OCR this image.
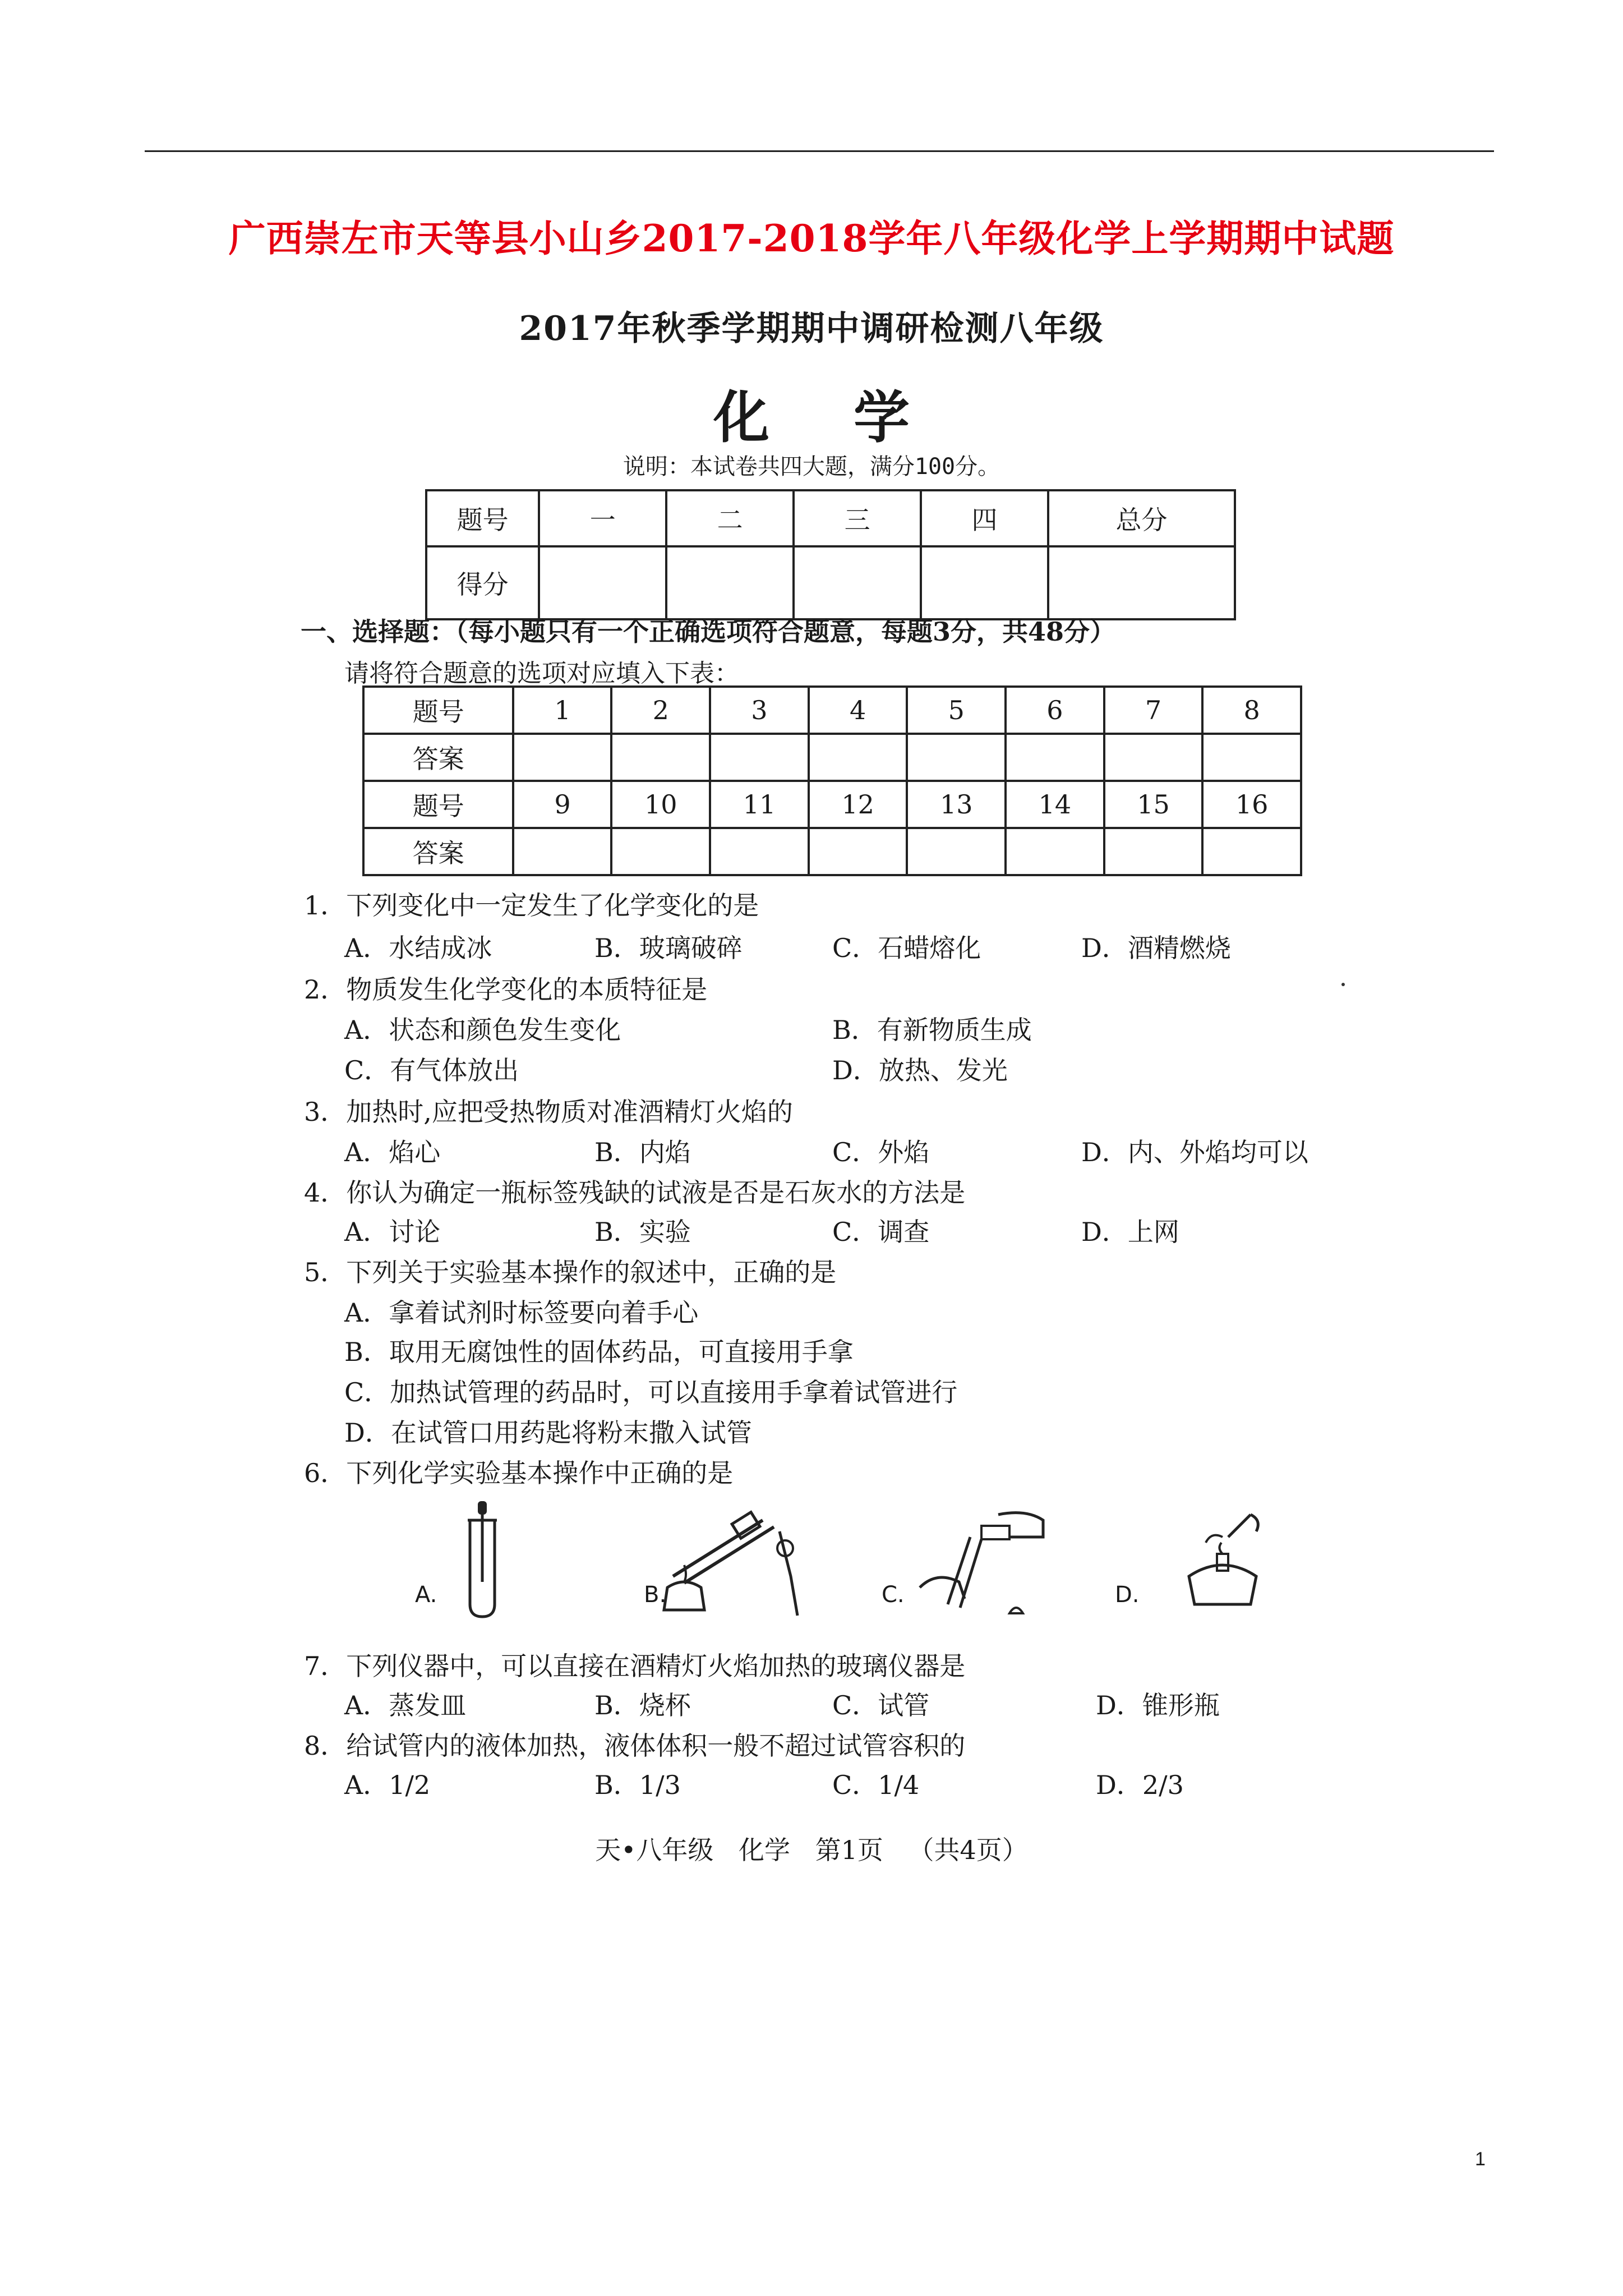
广西崇左市天等县小山乡2017-2018学年八年级化学上学期期中试题
2017年秋季学期期中调研检测八年级
化学
说明：本试卷共四大题，满分100分。
题号	一	二	三	四	总分
得分					
一、选择题：（每小题只有一个正确选项符合题意，每题3分，共48分）
请将符合题意的选项对应填入下表：
题号	1	2	3	4	5	6	7	8
答案								
题号	9	10	11	12	13	14	15	16
答案								
1．下列变化中一定发生了化学变化的是
A．水结成冰	B．玻璃破碎	C．石蜡熔化	D．酒精燃烧
2．物质发生化学变化的本质特征是
A．状态和颜色发生变化	B．有新物质生成
C．有气体放出	D．放热、发光
3．加热时,应把受热物质对准酒精灯火焰的
A．焰心	B．内焰	C．外焰	D．内、外焰均可以
4．你认为确定一瓶标签残缺的试液是否是石灰水的方法是
A．讨论	B．实验	C．调查	D．上网
5．下列关于实验基本操作的叙述中，正确的是
A．拿着试剂时标签要向着手心
B．取用无腐蚀性的固体药品，可直接用手拿
C．加热试管理的药品时，可以直接用手拿着试管进行
D．在试管口用药匙将粉末撒入试管
6．下列化学实验基本操作中正确的是
A.	B.	C.	D.
7．下列仪器中，可以直接在酒精灯火焰加热的玻璃仪器是
A．蒸发皿	B．烧杯	C．试管	D．锥形瓶
8．给试管内的液体加热，液体体积一般不超过试管容积的
A．1/2	B．1/3	C．1/4	D．2/3
天•八年级 化学 第1页 （共4页）
1
